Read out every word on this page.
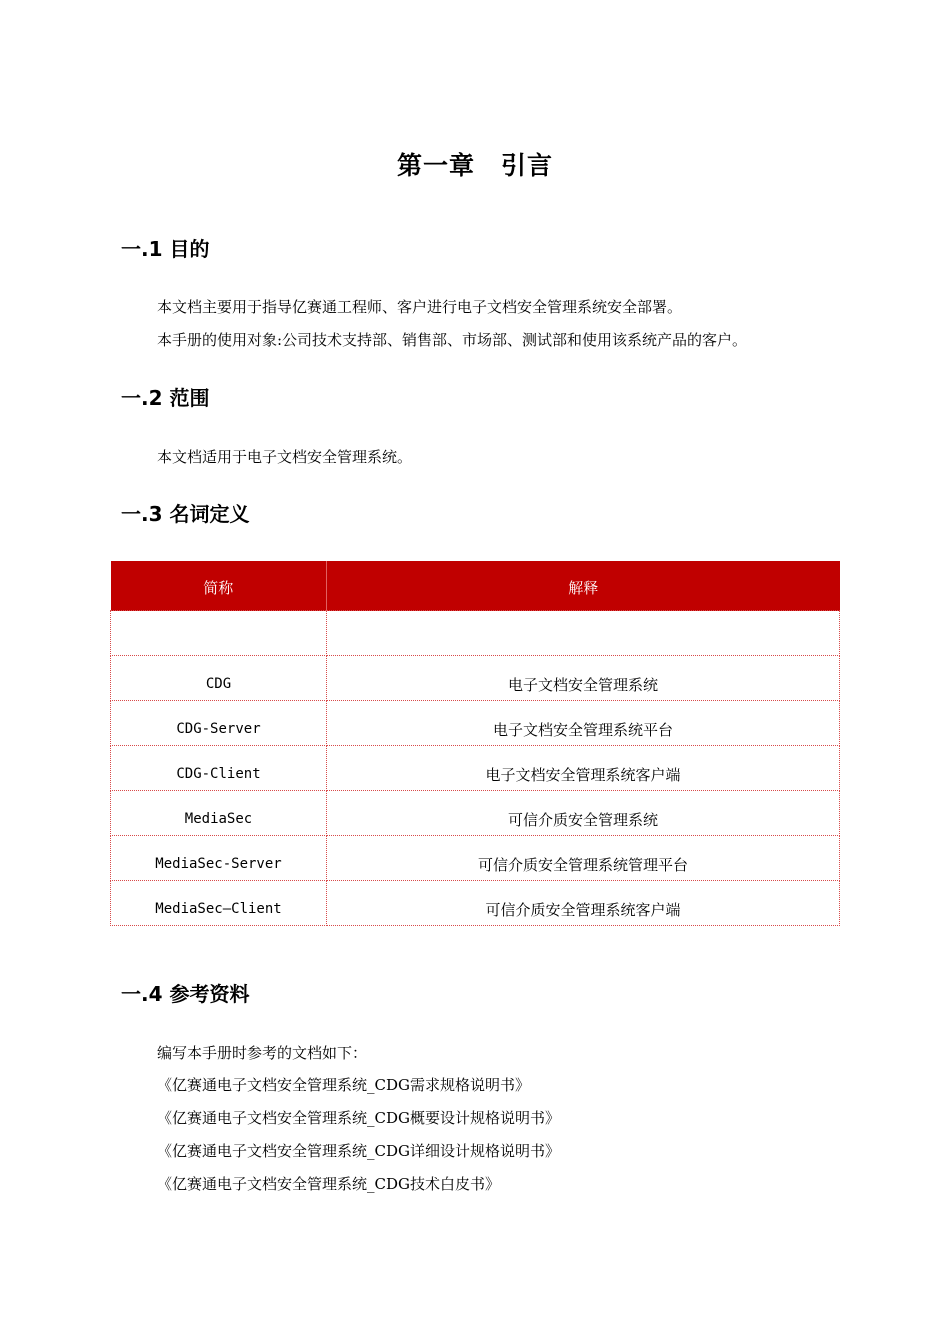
第一章　引言
一.1 目的

本文档主要用于指导亿赛通工程师、客户进行电子文档安全管理系统安全部署。

本手册的使用对象:公司技术支持部、销售部、市场部、测试部和使用该系统产品的客户。

一.2 范围

本文档适用于电子文档安全管理系统。

一.3 名词定义
简称	解释

CDG	电子文档安全管理系统
CDG-Server	电子文档安全管理系统平台
CDG-Client	电子文档安全管理系统客户端
MediaSec	可信介质安全管理系统
MediaSec-Server	可信介质安全管理系统管理平台
MediaSec—Client	可信介质安全管理系统客户端
一.4 参考资料

编写本手册时参考的文档如下：

《亿赛通电子文档安全管理系统_CDG需求规格说明书》

《亿赛通电子文档安全管理系统_CDG概要设计规格说明书》

《亿赛通电子文档安全管理系统_CDG详细设计规格说明书》

《亿赛通电子文档安全管理系统_CDG技术白皮书》
